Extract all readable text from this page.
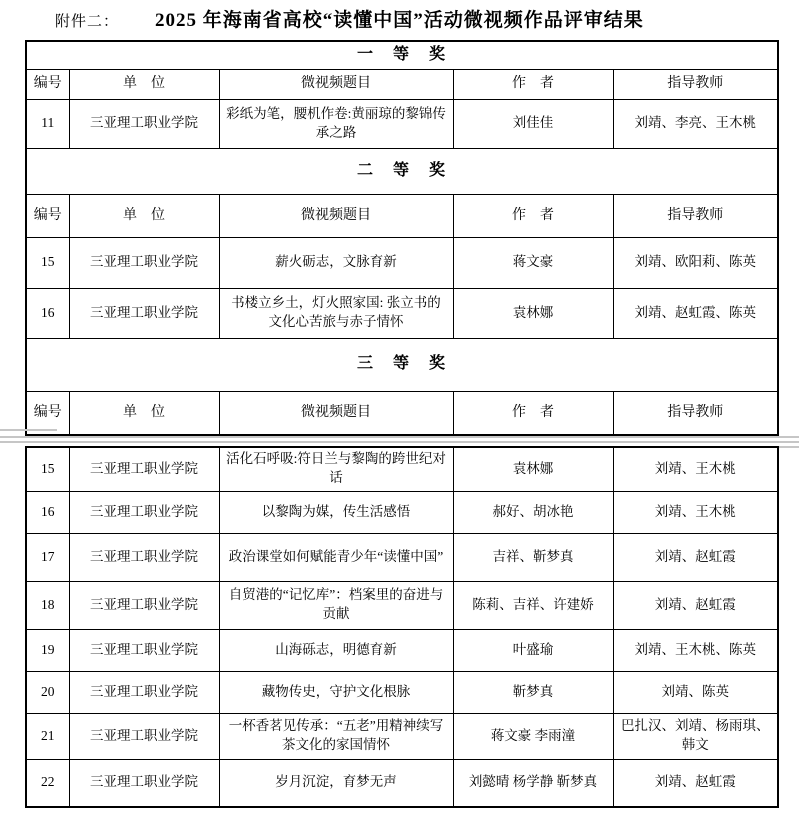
附件二： 2025 年海南省高校“读懂中国”活动微视频作品评审结果
一　等　奖				
编号	单　位	微视频题目	作　者	指导教师
11	三亚理工职业学院	彩纸为笔，腰机作卷:黄丽琼的黎锦传承之路	刘佳佳	刘靖、李亮、王木桃
二　等　奖				
编号	单　位	微视频题目	作　者	指导教师
15	三亚理工职业学院	薪火砺志，文脉育新	蒋文豪	刘靖、欧阳莉、陈英
16	三亚理工职业学院	书楼立乡土，灯火照家国: 张立书的文化心苦旅与赤子情怀	袁林娜	刘靖、赵虹霞、陈英
三　等　奖				
编号	单　位	微视频题目	作　者	指导教师
15	三亚理工职业学院	活化石呼吸:符日兰与黎陶的跨世纪对话	袁林娜	刘靖、王木桃
16	三亚理工职业学院	以黎陶为媒，传生活感悟	郝好、胡冰艳	刘靖、王木桃
17	三亚理工职业学院	政治课堂如何赋能青少年“读懂中国”	吉祥、靳梦真	刘靖、赵虹霞
18	三亚理工职业学院	自贸港的“记忆库”：档案里的奋进与贡献	陈莉、吉祥、许建娇	刘靖、赵虹霞
19	三亚理工职业学院	山海砾志，明德育新	叶盛瑜	刘靖、王木桃、陈英
20	三亚理工职业学院	藏物传史，守护文化根脉	靳梦真	刘靖、陈英
21	三亚理工职业学院	一杯香茗见传承：“五老”用精神续写茶文化的家国情怀	蒋文豪 李雨潼	巴扎汉、刘靖、杨雨琪、韩文
22	三亚理工职业学院	岁月沉淀，育梦无声	刘懿晴 杨学静 靳梦真	刘靖、赵虹霞
